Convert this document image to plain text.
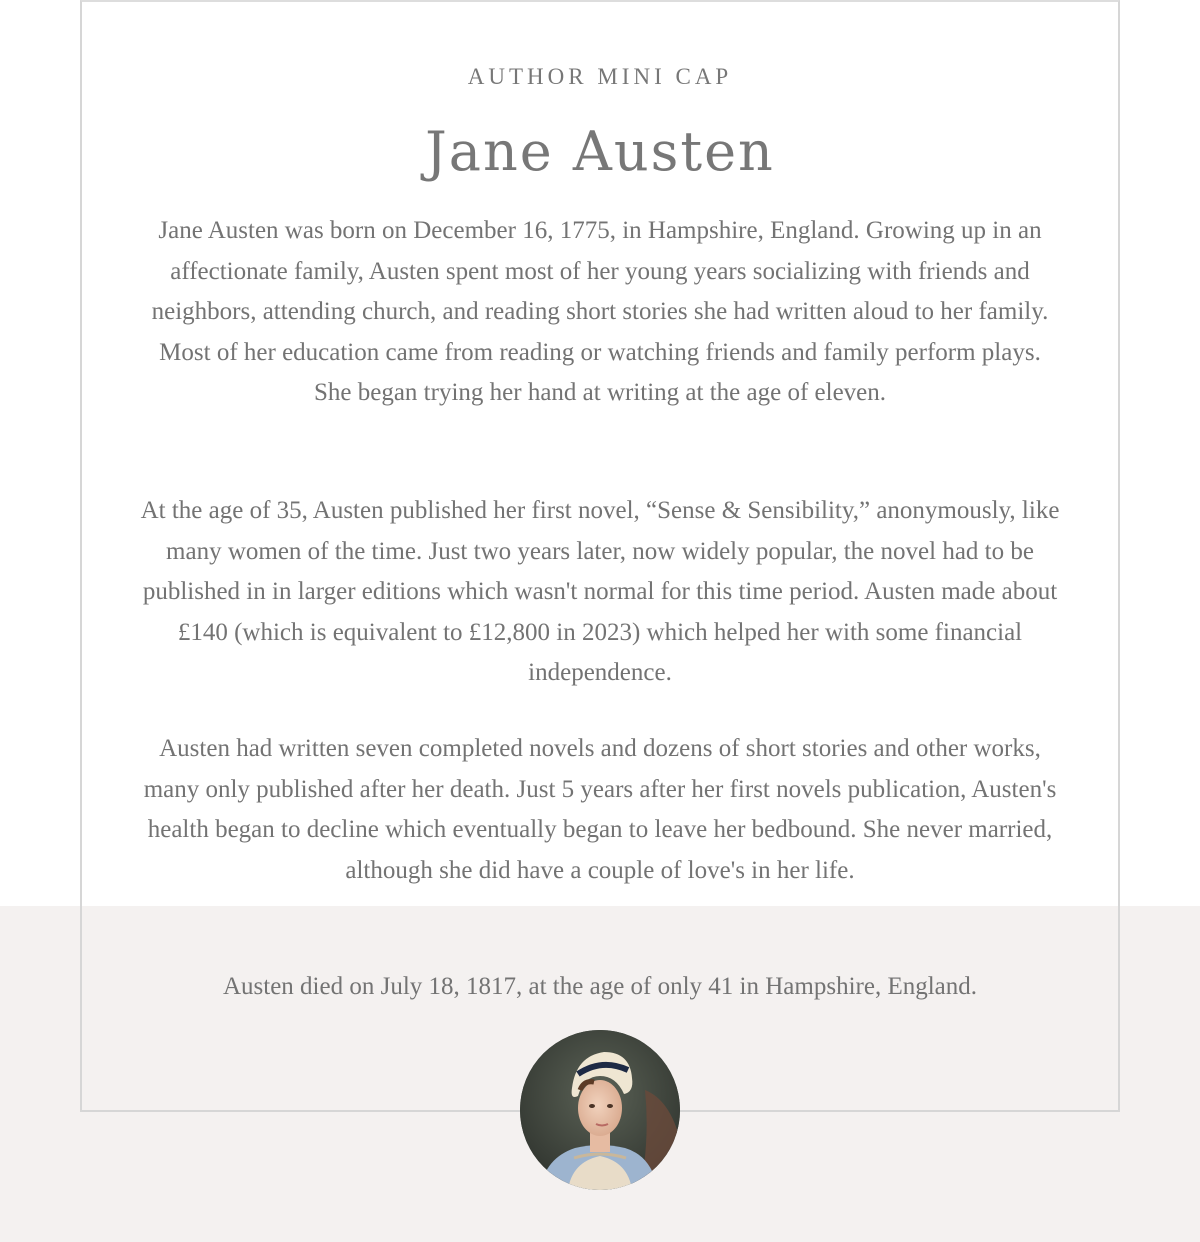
AUTHOR MINI CAP
Jane Austen

Jane Austen was born on December 16, 1775, in Hampshire, England. Growing up in an affectionate family, Austen spent most of her young years socializing with friends and neighbors, attending church, and reading short stories she had written aloud to her family. Most of her education came from reading or watching friends and family perform plays. She began trying her hand at writing at the age of eleven.

At the age of 35, Austen published her first novel, “Sense & Sensibility,” anonymously, like many women of the time. Just two years later, now widely popular, the novel had to be published in in larger editions which wasn't normal for this time period. Austen made about £140 (which is equivalent to £12,800 in 2023) which helped her with some financial independence.

Austen had written seven completed novels and dozens of short stories and other works, many only published after her death. Just 5 years after her first novels publication, Austen's health began to decline which eventually began to leave her bedbound. She never married, although she did have a couple of love's in her life.

Austen died on July 18, 1817, at the age of only 41 in Hampshire, England.
